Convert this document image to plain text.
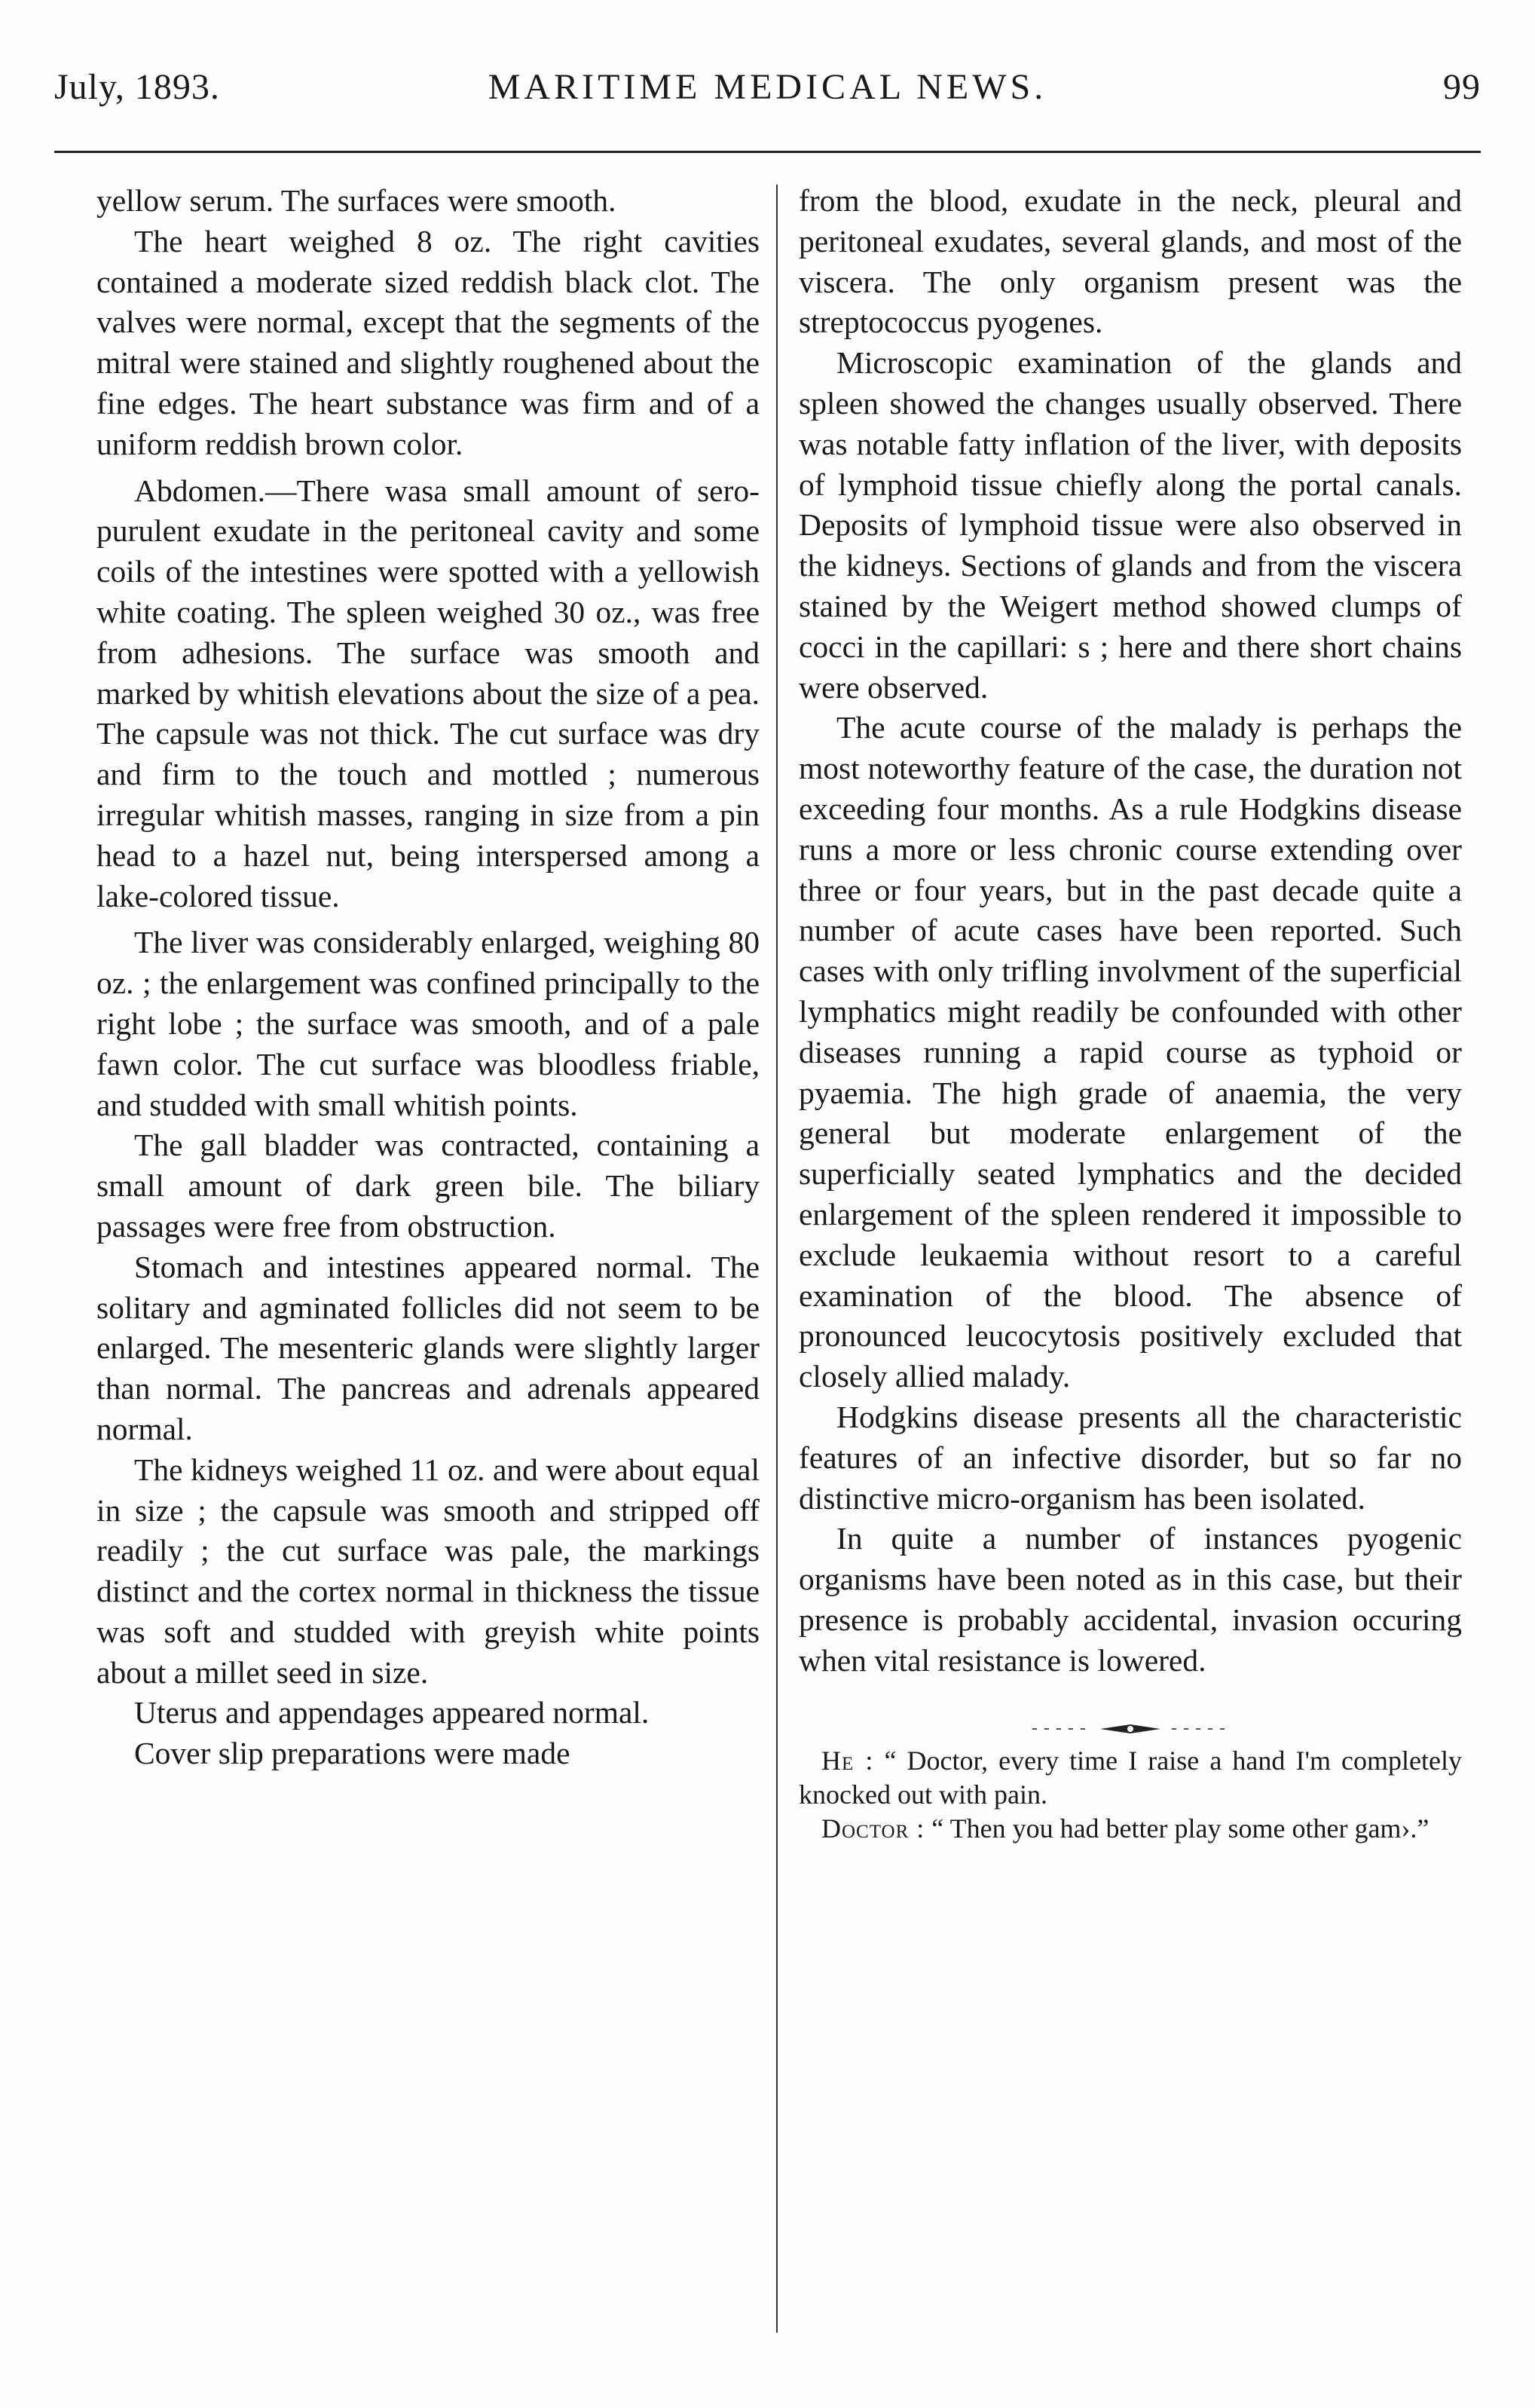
July, 1893.	MARITIME MEDICAL NEWS.	99

yellow serum. The surfaces were smooth.

The heart weighed 8 oz. The right cavities contained a moderate sized reddish black clot. The valves were normal, except that the segments of the mitral were stained and slightly roughened about the fine edges. The heart substance was firm and of a uniform reddish brown color.

Abdomen.—There wasa small amount of sero-purulent exudate in the peritoneal cavity and some coils of the intestines were spotted with a yellowish white coating. The spleen weighed 30 oz., was free from adhesions. The surface was smooth and marked by whitish elevations about the size of a pea. The capsule was not thick. The cut surface was dry and firm to the touch and mottled ; numerous irregular whitish masses, ranging in size from a pin head to a hazel nut, being interspersed among a lake-colored tissue.

The liver was considerably enlarged, weighing 80 oz. ; the enlargement was confined principally to the right lobe ; the surface was smooth, and of a pale fawn color. The cut surface was bloodless friable, and studded with small whitish points.

The gall bladder was contracted, containing a small amount of dark green bile. The biliary passages were free from obstruction.

Stomach and intestines appeared normal. The solitary and agminated follicles did not seem to be enlarged. The mesenteric glands were slightly larger than normal. The pancreas and adrenals appeared normal.

The kidneys weighed 11 oz. and were about equal in size ; the capsule was smooth and stripped off readily ; the cut surface was pale, the markings distinct and the cortex normal in thickness the tissue was soft and studded with greyish white points about a millet seed in size.

Uterus and appendages appeared normal.

Cover slip preparations were made

from the blood, exudate in the neck, pleural and peritoneal exudates, several glands, and most of the viscera. The only organism present was the streptococcus pyogenes.

Microscopic examination of the glands and spleen showed the changes usually observed. There was notable fatty inflation of the liver, with deposits of lymphoid tissue chiefly along the portal canals. Deposits of lymphoid tissue were also observed in the kidneys. Sections of glands and from the viscera stained by the Weigert method showed clumps of cocci in the capillari: s ; here and there short chains were observed.

The acute course of the malady is perhaps the most noteworthy feature of the case, the duration not exceeding four months. As a rule Hodgkins disease runs a more or less chronic course extending over three or four years, but in the past decade quite a number of acute cases have been reported. Such cases with only trifling involvment of the superficial lymphatics might readily be confounded with other diseases running a rapid course as typhoid or pyaemia. The high grade of anaemia, the very general but moderate enlargement of the superficially seated lymphatics and the decided enlargement of the spleen rendered it impossible to exclude leukaemia without resort to a careful examination of the blood. The absence of pronounced leucocytosis positively excluded that closely allied malady.

Hodgkins disease presents all the characteristic features of an infective disorder, but so far no distinctive micro-organism has been isolated.

In quite a number of instances pyogenic organisms have been noted as in this case, but their presence is probably accidental, invasion occuring when vital resistance is lowered.

He : “ Doctor, every time I raise a hand I'm completely knocked out with pain.

Doctor : “ Then you had better play some other gam›.”
